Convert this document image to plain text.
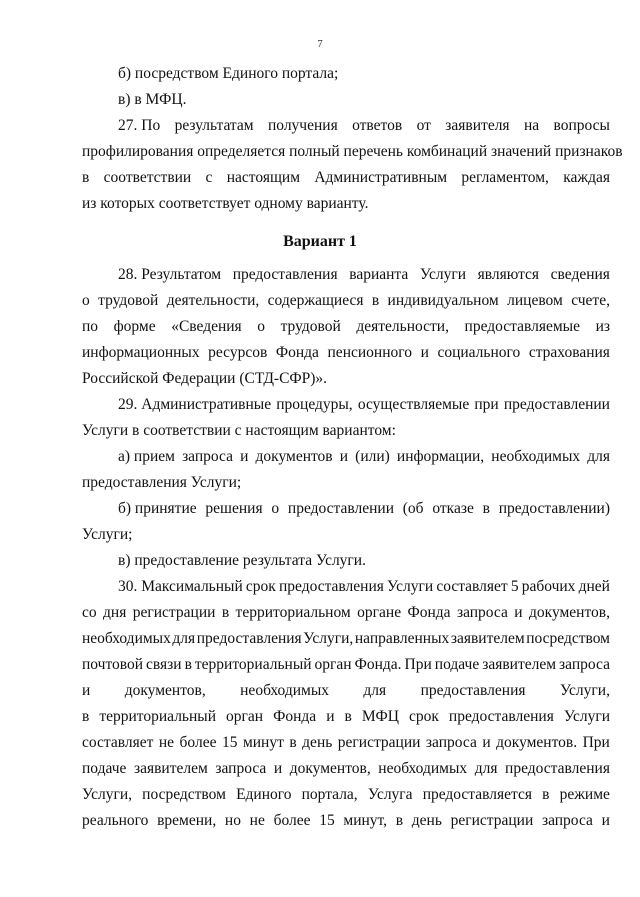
7
б) посредством Единого портала;
в) в МФЦ.
27. По результатам получения ответов от заявителя на вопросы
профилирования определяется полный перечень комбинаций значений признаков
в соответствии с настоящим Административным регламентом, каждая
из которых соответствует одному варианту.
Вариант 1
28. Результатом предоставления варианта Услуги являются сведения
о трудовой деятельности, содержащиеся в индивидуальном лицевом счете,
по форме «Сведения о трудовой деятельности, предоставляемые из
информационных ресурсов Фонда пенсионного и социального страхования
Российской Федерации (СТД-СФР)».
29. Административные процедуры, осуществляемые при предоставлении
Услуги в соответствии с настоящим вариантом:
а) прием запроса и документов и (или) информации, необходимых для
предоставления Услуги;
б) принятие решения о предоставлении (об отказе в предоставлении)
Услуги;
в) предоставление результата Услуги.
30. Максимальный срок предоставления Услуги составляет 5 рабочих дней
со дня регистрации в территориальном органе Фонда запроса и документов,
необходимых для предоставления Услуги, направленных заявителем посредством
почтовой связи в территориальный орган Фонда. При подаче заявителем запроса
и документов, необходимых для предоставления Услуги,
в территориальный орган Фонда и в МФЦ срок предоставления Услуги
составляет не более 15 минут в день регистрации запроса и документов. При
подаче заявителем запроса и документов, необходимых для предоставления
Услуги, посредством Единого портала, Услуга предоставляется в режиме
реального времени, но не более 15 минут, в день регистрации запроса и
